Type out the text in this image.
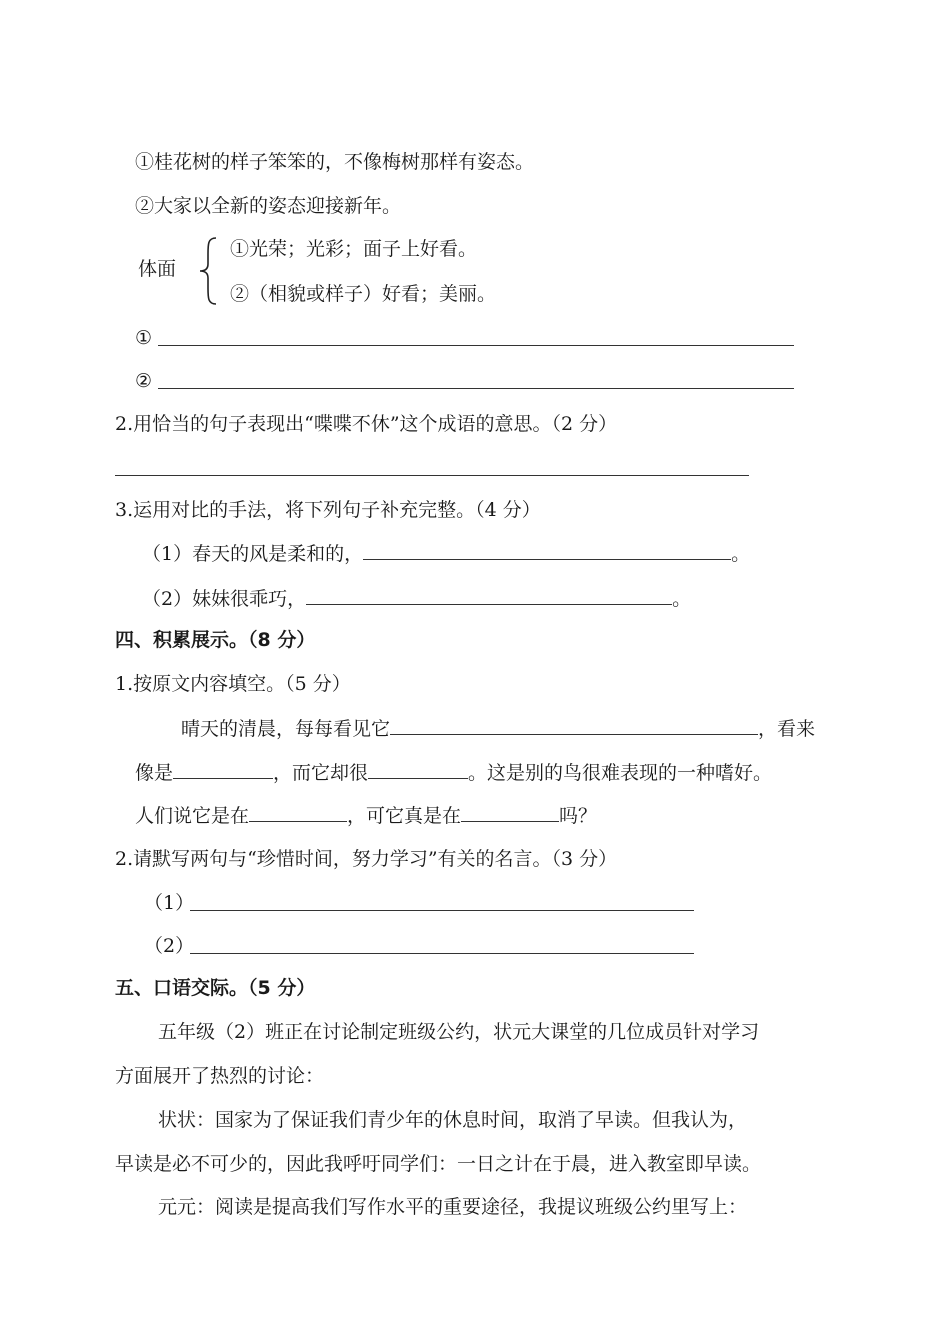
①桂花树的样子笨笨的，不像梅树那样有姿态。
②大家以全新的姿态迎接新年。
体面
①光荣；光彩；面子上好看。
②（相貌或样子）好看；美丽。
①
②
2.用恰当的句子表现出“喋喋不休”这个成语的意思。（2 分）
3.运用对比的手法，将下列句子补充完整。（4 分）
（1）春天的风是柔和的，	。
（2）妹妹很乖巧，	。
四、积累展示。（8 分）
1.按原文内容填空。（5 分）
晴天的清晨，每每看见它	，看来
像是	，而它却很	。这是别的鸟很难表现的一种嗜好。
人们说它是在	，可它真是在	吗？
2.请默写两句与“珍惜时间，努力学习”有关的名言。（3 分）
（1）
（2）
五、口语交际。（5 分）
五年级（2）班正在讨论制定班级公约，状元大课堂的几位成员针对学习
方面展开了热烈的讨论：
状状：国家为了保证我们青少年的休息时间，取消了早读。但我认为，
早读是必不可少的，因此我呼吁同学们：一日之计在于晨，进入教室即早读。
元元：阅读是提高我们写作水平的重要途径，我提议班级公约里写上：
